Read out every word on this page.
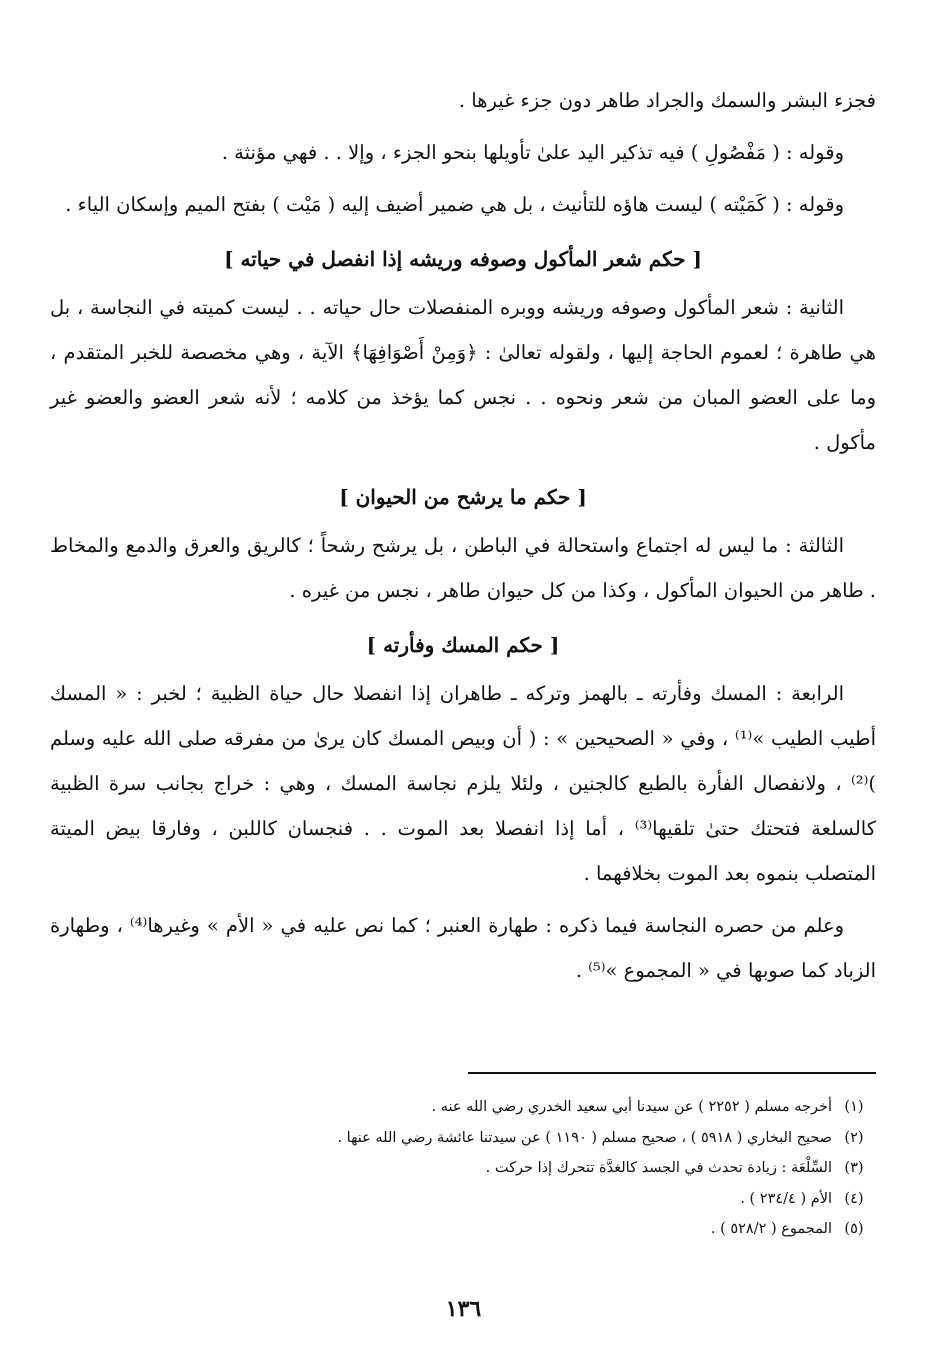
فجزء البشر والسمك والجراد طاهر دون جزء غيرها .

وقوله : ( مَفْصُولِ ) فيه تذكير اليد علىٰ تأويلها بنحو الجزء ، وإلا . . فهي مؤنثة .

وقوله : ( كَمَيْته ) ليست هاؤه للتأنيث ، بل هي ضمير أضيف إليه ( مَيْت ) بفتح الميم وإسكان الياء .

[ حكم شعر المأكول وصوفه وريشه إذا انفصل في حياته ]

الثانية : شعر المأكول وصوفه وريشه ووبره المنفصلات حال حياته . . ليست كميته في النجاسة ، بل هي طاهرة ؛ لعموم الحاجة إليها ، ولقوله تعالىٰ : ﴿وَمِنْ أَصْوَافِهَا﴾ الآية ، وهي مخصصة للخبر المتقدم ، وما على العضو المبان من شعر ونحوه . . نجس كما يؤخذ من كلامه ؛ لأنه شعر العضو والعضو غير مأكول .

[ حكم ما يرشح من الحيوان ]

الثالثة : ما ليس له اجتماع واستحالة في الباطن ، بل يرشح رشحاً ؛ كالريق والعرق والدمع والمخاط . طاهر من الحيوان المأكول ، وكذا من كل حيوان طاهر ، نجس من غيره .

[ حكم المسك وفأرته ]

الرابعة : المسك وفأرته ـ بالهمز وتركه ـ طاهران إذا انفصلا حال حياة الظبية ؛ لخبر : « المسك أطيب الطيب »⁽¹⁾ ، وفي « الصحيحين » : ( أن وبيص المسك كان يرىٰ من مفرقه صلى الله عليه وسلم )⁽²⁾ ، ولانفصال الفأرة بالطبع كالجنين ، ولئلا يلزم نجاسة المسك ، وهي : خراج بجانب سرة الظبية كالسلعة فتحتك حتىٰ تلقيها⁽³⁾ ، أما إذا انفصلا بعد الموت . . فنجسان كاللبن ، وفارقا بيض الميتة المتصلب بنموه بعد الموت بخلافهما .

وعلم من حصره النجاسة فيما ذكره : طهارة العنبر ؛ كما نص عليه في « الأم » وغيرها⁽⁴⁾ ، وطهارة الزباد كما صوبها في « المجموع »⁽⁵⁾ .

(١)
أخرجه مسلم ( ٢٢٥٢ ) عن سيدنا أبي سعيد الخدري رضي الله عنه .
(٢)
صحيح البخاري ( ٥٩١٨ ) ، صحيح مسلم ( ١١٩٠ ) عن سيدتنا عائشة رضي الله عنها .
(٣)
السِّلْعَة : زيادة تحدث في الجسد كالغدَّة تتحرك إذا حركت .
(٤)
الأم ( ٢٣٤/٤ ) .
(٥)
المجموع ( ٥٢٨/٢ ) .
١٣٦
